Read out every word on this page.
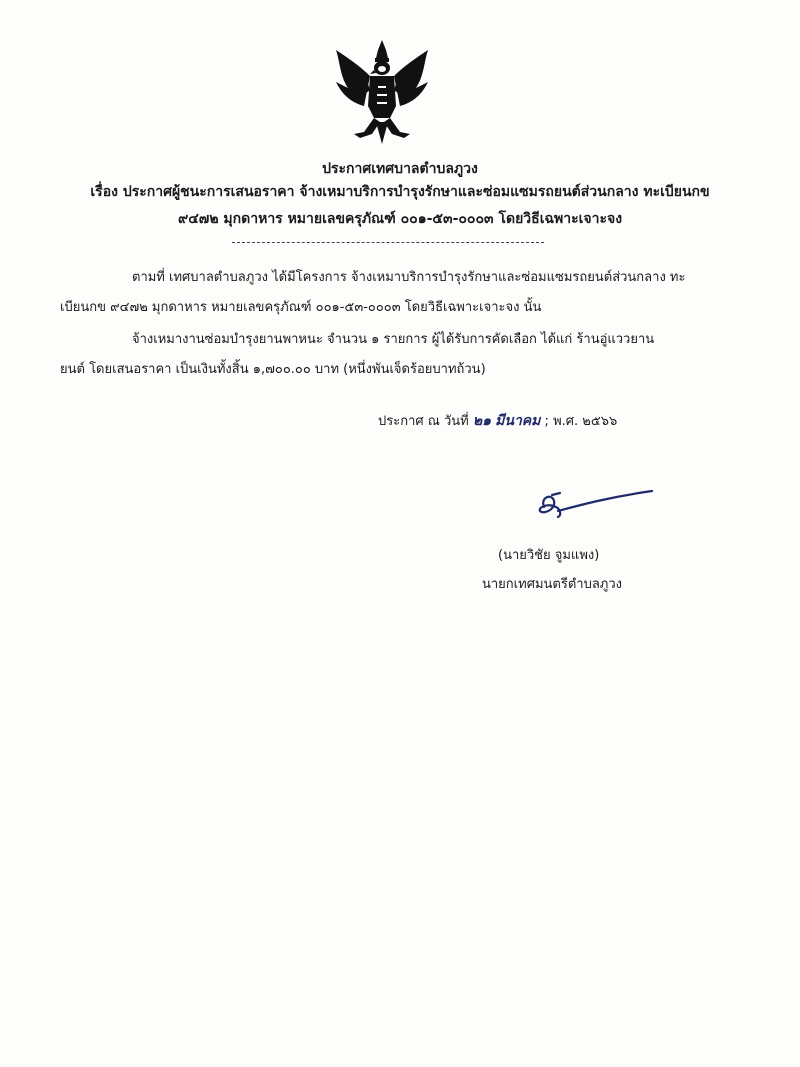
ประกาศเทศบาลตำบลภูวง
เรื่อง ประกาศผู้ชนะการเสนอราคา จ้างเหมาบริการบำรุงรักษาและซ่อมแซมรถยนต์ส่วนกลาง ทะเบียนกข
๙๔๗๒ มุกดาหาร หมายเลขครุภัณฑ์ ๐๐๑-๕๓-๐๐๐๓ โดยวิธีเฉพาะเจาะจง
ตามที่ เทศบาลตำบลภูวง ได้มีโครงการ จ้างเหมาบริการบำรุงรักษาและซ่อมแซมรถยนต์ส่วนกลาง ทะ
เบียนกข ๙๔๗๒ มุกดาหาร หมายเลขครุภัณฑ์ ๐๐๑-๕๓-๐๐๐๓ โดยวิธีเฉพาะเจาะจง นั้น
จ้างเหมางานซ่อมบำรุงยานพาหนะ จำนวน ๑ รายการ ผู้ได้รับการคัดเลือก ได้แก่ ร้านอู่แววยาน
ยนต์ โดยเสนอราคา เป็นเงินทั้งสิ้น ๑,๗๐๐.๐๐ บาท (หนึ่งพันเจ็ดร้อยบาทถ้วน)
ประกาศ ณ วันที่ ๒๑ มีนาคม ; พ.ศ. ๒๕๖๖
(นายวิชัย จูมแพง)
นายกเทศมนตรีตำบลภูวง
